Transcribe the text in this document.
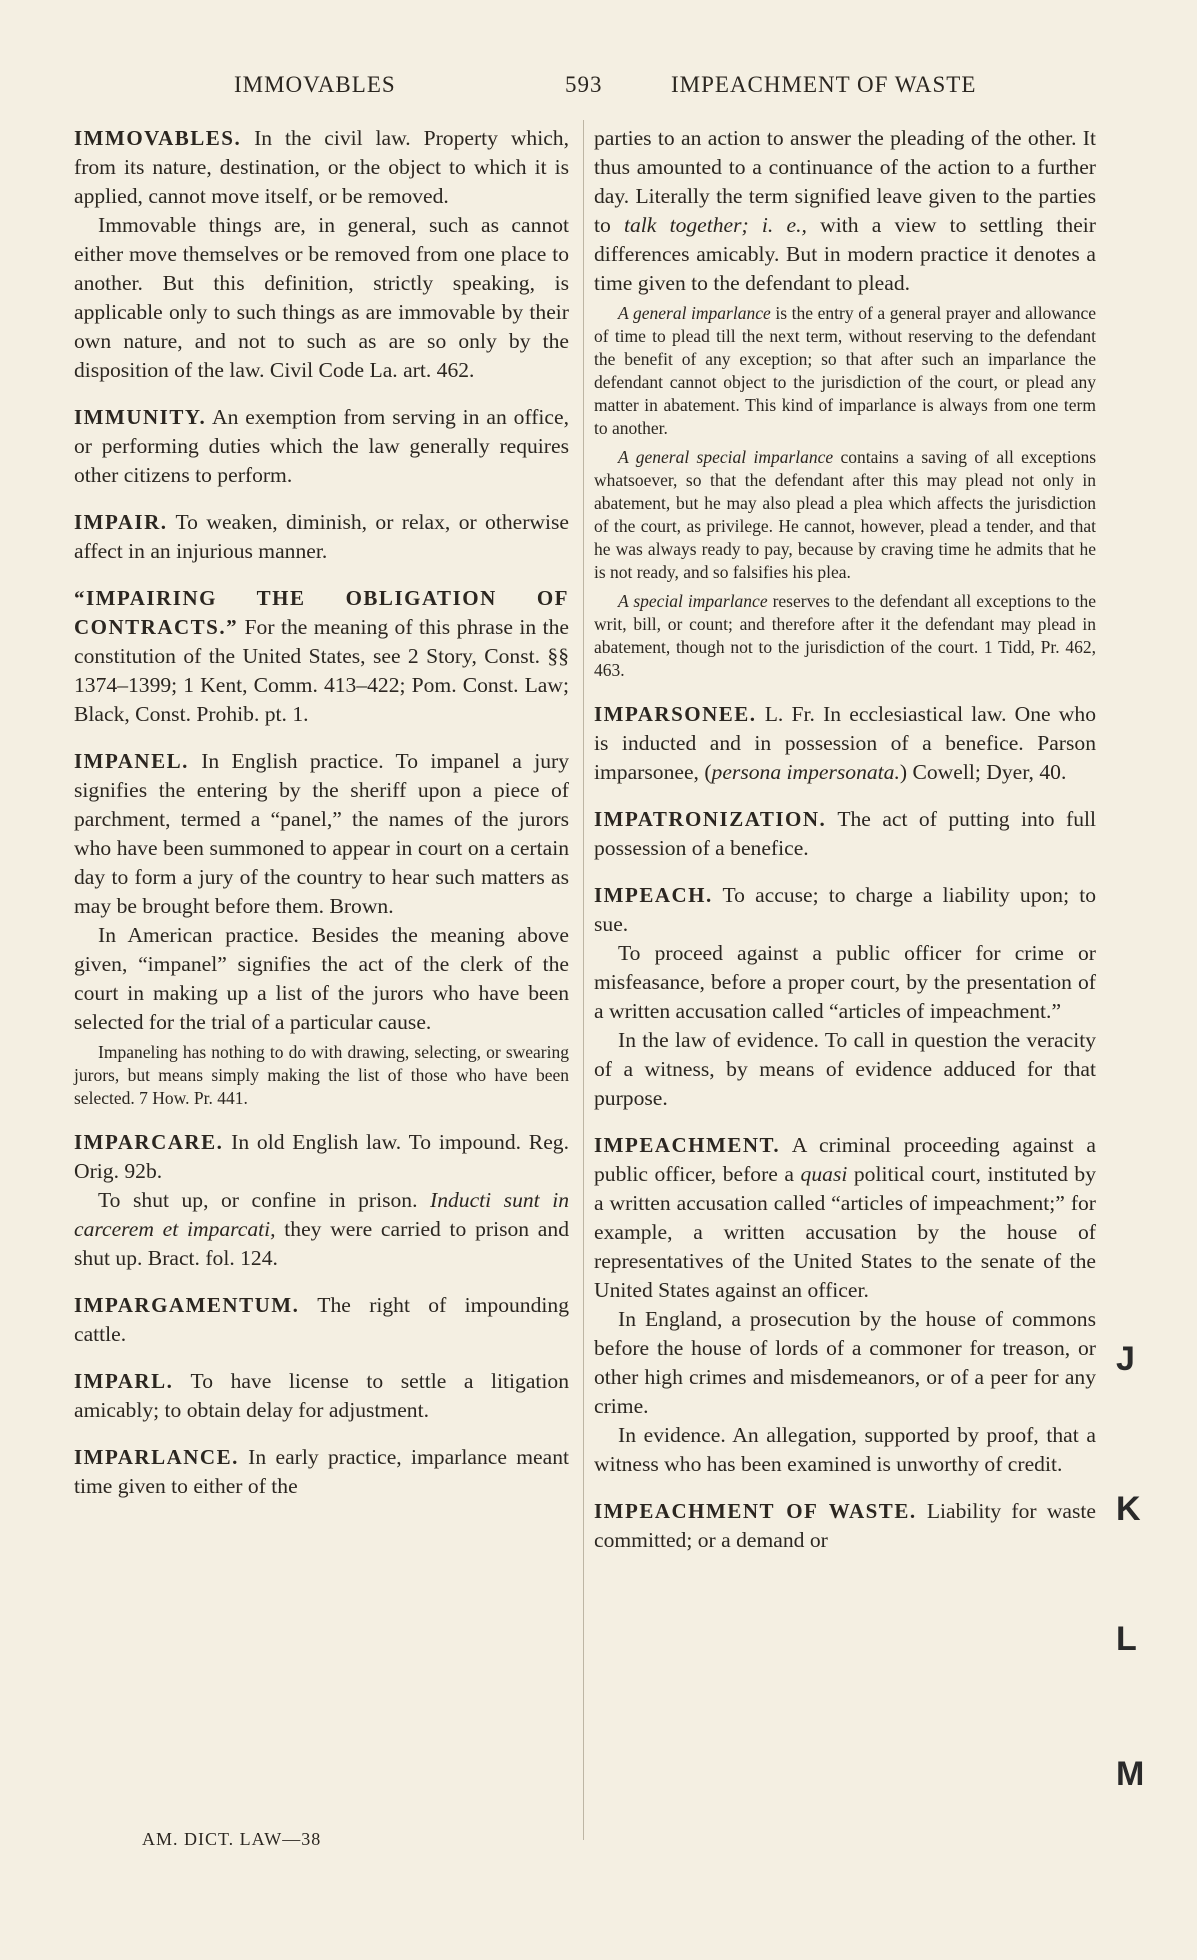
IMMOVABLES	593	IMPEACHMENT OF WASTE

IMMOVABLES. In the civil law. Property which, from its nature, destination, or the object to which it is applied, cannot move itself, or be removed.

Immovable things are, in general, such as cannot either move themselves or be removed from one place to another. But this definition, strictly speaking, is applicable only to such things as are immovable by their own nature, and not to such as are so only by the disposition of the law. Civil Code La. art. 462.

IMMUNITY. An exemption from serving in an office, or performing duties which the law generally requires other citizens to perform.

IMPAIR. To weaken, diminish, or relax, or otherwise affect in an injurious manner.

“IMPAIRING THE OBLIGATION OF CONTRACTS.” For the meaning of this phrase in the constitution of the United States, see 2 Story, Const. §§ 1374–1399; 1 Kent, Comm. 413–422; Pom. Const. Law; Black, Const. Prohib. pt. 1.

IMPANEL. In English practice. To impanel a jury signifies the entering by the sheriff upon a piece of parchment, termed a “panel,” the names of the jurors who have been summoned to appear in court on a certain day to form a jury of the country to hear such matters as may be brought before them. Brown.

In American practice. Besides the meaning above given, “impanel” signifies the act of the clerk of the court in making up a list of the jurors who have been selected for the trial of a particular cause.

Impaneling has nothing to do with drawing, selecting, or swearing jurors, but means simply making the list of those who have been selected. 7 How. Pr. 441.

IMPARCARE. In old English law. To impound. Reg. Orig. 92b.

To shut up, or confine in prison. Inducti sunt in carcerem et imparcati, they were carried to prison and shut up. Bract. fol. 124.

IMPARGAMENTUM. The right of impounding cattle.

IMPARL. To have license to settle a litigation amicably; to obtain delay for adjustment.

IMPARLANCE. In early practice, imparlance meant time given to either of the

parties to an action to answer the pleading of the other. It thus amounted to a continuance of the action to a further day. Literally the term signified leave given to the parties to talk together; i. e., with a view to settling their differences amicably. But in modern practice it denotes a time given to the defendant to plead.

A general imparlance is the entry of a general prayer and allowance of time to plead till the next term, without reserving to the defendant the benefit of any exception; so that after such an imparlance the defendant cannot object to the jurisdiction of the court, or plead any matter in abatement. This kind of imparlance is always from one term to another.

A general special imparlance contains a saving of all exceptions whatsoever, so that the defendant after this may plead not only in abatement, but he may also plead a plea which affects the jurisdiction of the court, as privilege. He cannot, however, plead a tender, and that he was always ready to pay, because by craving time he admits that he is not ready, and so falsifies his plea.

A special imparlance reserves to the defendant all exceptions to the writ, bill, or count; and therefore after it the defendant may plead in abatement, though not to the jurisdiction of the court. 1 Tidd, Pr. 462, 463.

IMPARSONEE. L. Fr. In ecclesiastical law. One who is inducted and in possession of a benefice. Parson imparsonee, (persona impersonata.) Cowell; Dyer, 40.

IMPATRONIZATION. The act of putting into full possession of a benefice.

IMPEACH. To accuse; to charge a liability upon; to sue.

To proceed against a public officer for crime or misfeasance, before a proper court, by the presentation of a written accusation called “articles of impeachment.”

In the law of evidence. To call in question the veracity of a witness, by means of evidence adduced for that purpose.

IMPEACHMENT. A criminal proceeding against a public officer, before a quasi political court, instituted by a written accusation called “articles of impeachment;” for example, a written accusation by the house of representatives of the United States to the senate of the United States against an officer.

In England, a prosecution by the house of commons before the house of lords of a commoner for treason, or other high crimes and misdemeanors, or of a peer for any crime.

In evidence. An allegation, supported by proof, that a witness who has been examined is unworthy of credit.

IMPEACHMENT OF WASTE. Liability for waste committed; or a demand or

AM. DICT. LAW—38
J
K
L
M
